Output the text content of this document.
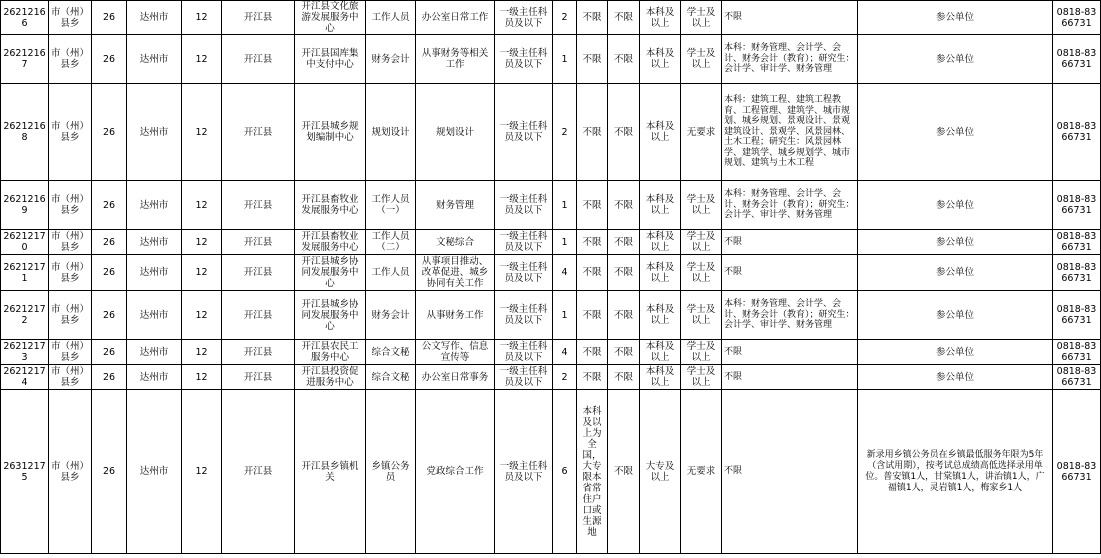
26212166	市（州）县乡	26	达州市	12	开江县	开江县文化旅游发展服务中心	工作人员	办公室日常工作	一级主任科员及以下	2	不限	不限	本科及以上	学士及以上	不限	参公单位	0818-8366731
26212167	市（州）县乡	26	达州市	12	开江县	开江县国库集中支付中心	财务会计	从事财务等相关工作	一级主任科员及以下	1	不限	不限	本科及以上	学士及以上	本科：财务管理、会计学、会计、财务会计（教育）；研究生：会计学、审计学、财务管理	参公单位	0818-8366731
26212168	市（州）县乡	26	达州市	12	开江县	开江县城乡规划编制中心	规划设计	规划设计	一级主任科员及以下	2	不限	不限	本科及以上	无要求	本科：建筑工程、建筑工程教育、工程管理、建筑学、城市规划、城乡规划、景观设计、景观建筑设计、景观学、风景园林、土木工程；研究生：风景园林学、建筑学、城乡规划学、城市规划、建筑与土木工程	参公单位	0818-8366731
26212169	市（州）县乡	26	达州市	12	开江县	开江县畜牧业发展服务中心	工作人员（一）	财务管理	一级主任科员及以下	1	不限	不限	本科及以上	学士及以上	本科：财务管理、会计学、会计、财务会计（教育）；研究生：会计学、审计学、财务管理	参公单位	0818-8366731
26212170	市（州）县乡	26	达州市	12	开江县	开江县畜牧业发展服务中心	工作人员（二）	文秘综合	一级主任科员及以下	1	不限	不限	本科及以上	学士及以上	不限	参公单位	0818-8366731
26212171	市（州）县乡	26	达州市	12	开江县	开江县城乡协同发展服务中心	工作人员	从事项目推动、改革促进、城乡协同有关工作	一级主任科员及以下	4	不限	不限	本科及以上	学士及以上	不限	参公单位	0818-8366731
26212172	市（州）县乡	26	达州市	12	开江县	开江县城乡协同发展服务中心	财务会计	从事财务工作	一级主任科员及以下	1	不限	不限	本科及以上	学士及以上	本科：财务管理、会计学、会计、财务会计（教育）；研究生：会计学、审计学、财务管理	参公单位	0818-8366731
26212173	市（州）县乡	26	达州市	12	开江县	开江县农民工服务中心	综合文秘	公文写作、信息宣传等	一级主任科员及以下	4	不限	不限	本科及以上	学士及以上	不限	参公单位	0818-8366731
26212174	市（州）县乡	26	达州市	12	开江县	开江县投资促进服务中心	综合文秘	办公室日常事务	一级主任科员及以下	2	不限	不限	本科及以上	学士及以上	不限	参公单位	0818-8366731
26312175	市（州）县乡	26	达州市	12	开江县	开江县乡镇机关	乡镇公务员	党政综合工作	一级主任科员及以下	6	本科及以上为全国，大专限本省常住户口或生源地	不限	大专及以上	无要求	不限	新录用乡镇公务员在乡镇最低服务年限为5年（含试用期），按考试总成绩高低选择录用单位。普安镇1人，甘棠镇1人，讲治镇1人，广福镇1人，灵岩镇1人，梅家乡1人	0818-8366731
